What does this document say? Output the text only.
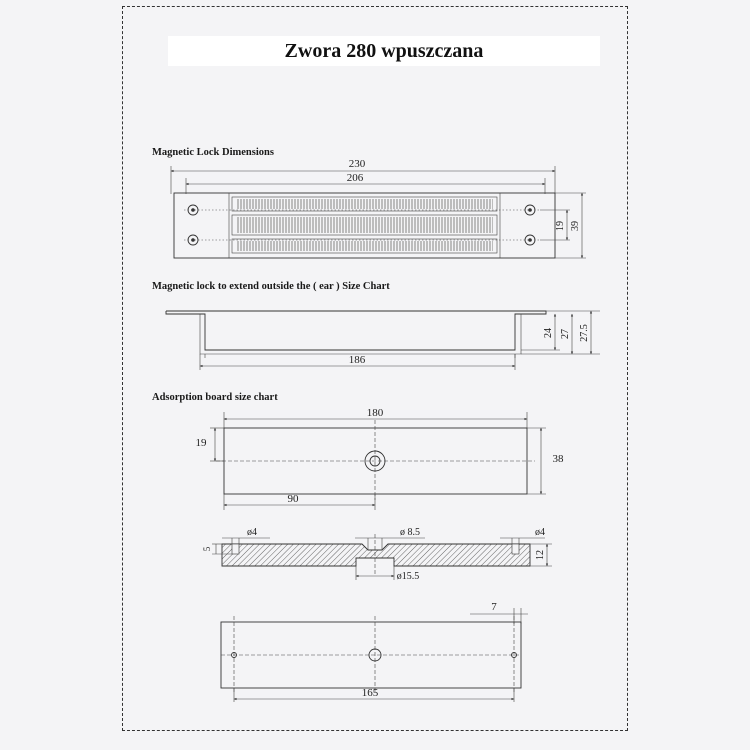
Zwora 280 wpuszczana
Magnetic Lock Dimensions
Magnetic lock to extend outside the ( ear ) Size Chart
Adsorption board size chart
230
206
19 39
186
24 27 27.5
180
19
38
90
ø4	ø 8.5	ø4
5
12
ø15.5
7
165
